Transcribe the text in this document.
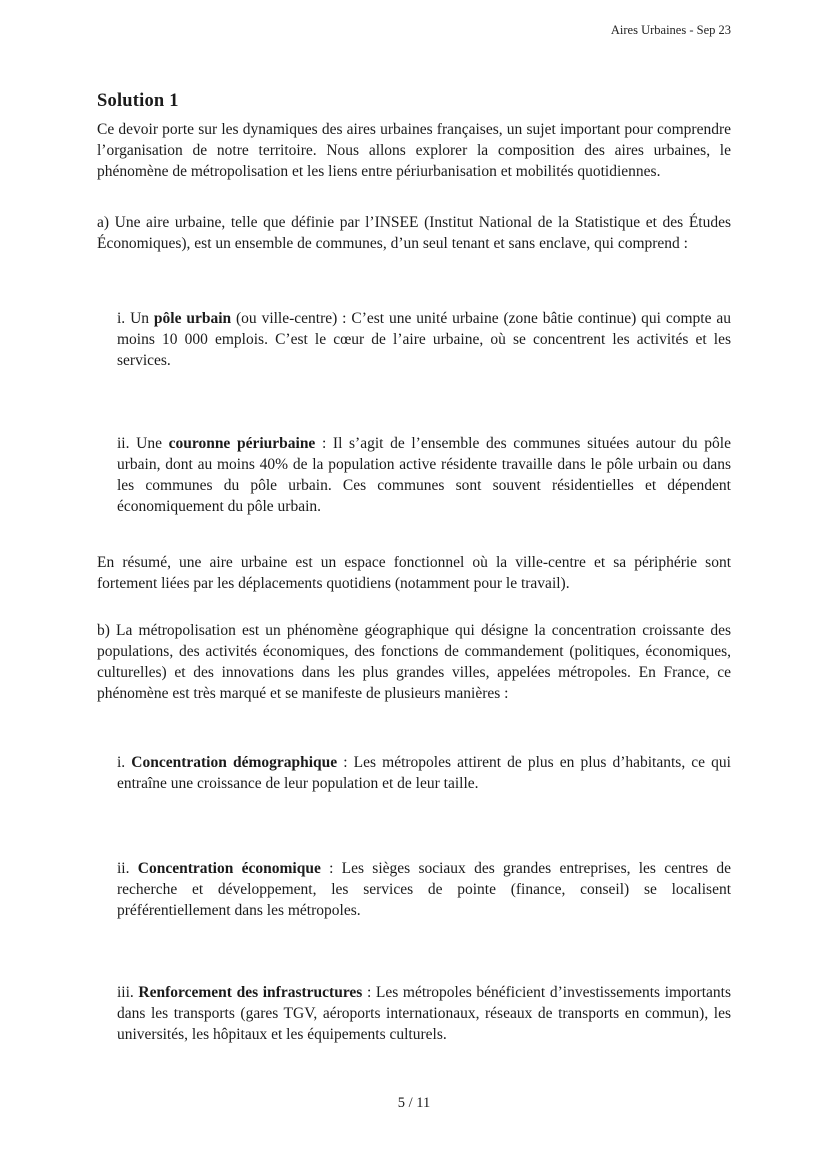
Aires Urbaines - Sep 23
Solution 1
Ce devoir porte sur les dynamiques des aires urbaines françaises, un sujet important pour comprendre l’organisation de notre territoire. Nous allons explorer la composition des aires urbaines, le phénomène de métropolisation et les liens entre périurbanisation et mobilités quotidiennes.
a) Une aire urbaine, telle que définie par l’INSEE (Institut National de la Statistique et des Études Économiques), est un ensemble de communes, d’un seul tenant et sans enclave, qui comprend :
i. Un pôle urbain (ou ville-centre) : C’est une unité urbaine (zone bâtie continue) qui compte au moins 10 000 emplois. C’est le cœur de l’aire urbaine, où se concentrent les activités et les services.
ii. Une couronne périurbaine : Il s’agit de l’ensemble des communes situées autour du pôle urbain, dont au moins 40% de la population active résidente travaille dans le pôle urbain ou dans les communes du pôle urbain. Ces communes sont souvent résidentielles et dépendent économiquement du pôle urbain.
En résumé, une aire urbaine est un espace fonctionnel où la ville-centre et sa périphérie sont fortement liées par les déplacements quotidiens (notamment pour le travail).
b) La métropolisation est un phénomène géographique qui désigne la concentration croissante des populations, des activités économiques, des fonctions de commandement (politiques, économiques, culturelles) et des innovations dans les plus grandes villes, appelées métropoles. En France, ce phénomène est très marqué et se manifeste de plusieurs manières :
i. Concentration démographique : Les métropoles attirent de plus en plus d’habitants, ce qui entraîne une croissance de leur population et de leur taille.
ii. Concentration économique : Les sièges sociaux des grandes entreprises, les centres de recherche et développement, les services de pointe (finance, conseil) se localisent préférentiellement dans les métropoles.
iii. Renforcement des infrastructures : Les métropoles bénéficient d’investissements importants dans les transports (gares TGV, aéroports internationaux, réseaux de transports en commun), les universités, les hôpitaux et les équipements culturels.
5 / 11
